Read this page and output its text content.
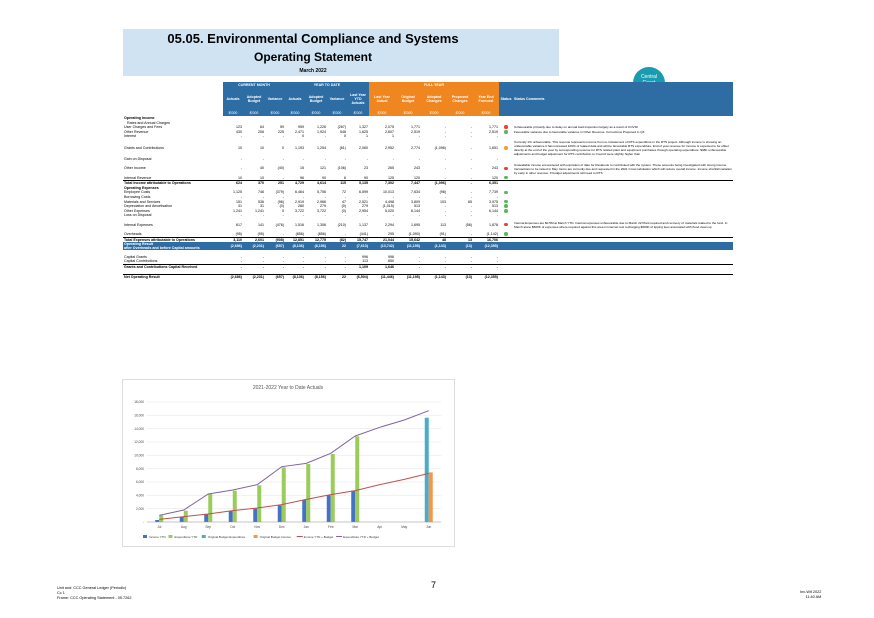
05.05. Environmental Compliance and Systems
Operating Statement
March 2022
Central

	CURRENT MONTH			YEAR TO DATE				FULL YEAR						
	Actuals	Adopted Budget	Variance	Actuals	Adopted Budget	Variance	Last Year YTD Actuals	Last Year Actual	Original Budget	Adopted Changes	Proposed Changes	Year End Forecast	Status	Status Comments
	$'000	$'000	$'000	$'000	$'000	$'000	$'000	$'000	$'000	$'000	$'000	$'000		
Operating Income														
Rates and Annual Charges														
User Charges and Fees	123	64	59	959	1,226	(267)	1,327	2,075	1,771	-	-	1,771		Unfavourable primarily due to delay on annual load inspection largely as a result of COVID
Other Revenue	430	206	225	2,471	1,924	548	1,625	2,607	2,519	-	-	2,519		Favourable variance due to favourable variance in Other Revenue. Corrections Proposed in Q3
Interest	-	-	-	0	-	0	1	1	-	-	-	-		
Grants and Contributions	10	10	0	1,193	1,254	(61)	2,060	2,952	2,774	(1,096)	-	1,651		Currently 1% unfavourable. This revenue represents income from re-instatement of RTS expenditure in the RTS project. Although income is showing an unfavourable variance it has increased 100% of related data and will be favourable RTS expenditure. End of year revenue for income is expected to be offset directly at the end of the year by corresponding revenue for RTS related plant and equipment purchases through operating expenditure. $38K unfavourable adjustments and budget adjustment for RTS contribution to Council were slightly higher than
Gain on Disposal	-	-	-	-	-	-	-	-	-	-	-	-		
Other Income	-	40	(40)	15	121	(106)	23	265	243	-	-	243		Unavailable income encountered with expiration of date for Residents to contributed with the system. These amounts being investigated with strong income transactions to be raised in May. Items are currently due and requested in the 2021 Cross tabulation which will reduce overall income. Income shortfall variation by early in other revenue. If budget adjustments will need to RTS
Internal Revenue	10	10	-	96	90	6	90	125	120	-	-	120		
Total Income attributable to Operations	624	370	251	4,729	4,614	115	5,135	7,302	7,447	(1,096)	-	6,351		
Operating Expenses														
Employee Costs	1,125	746	(379)	6,464	5,756	72	6,599	10,013	7,634	(96)	-	7,739		
Borrowing Costs	-	-	-	-	-	-	-	-	-	-	-	-		
Materials and Services	151	536	(96)	2,919	2,966	47	2,521	4,498	3,809	103	65	3,975		
Depreciation and Amortisation	31	31	(0)	280	279	(0)	279	(1,015)	513	-	-	513		
Other Expenses	1,241	1,241	0	3,722	3,722	(0)	2,954	5,020	6,144	-	-	6,144		
Loss on Disposal	-	-	-	-	-	-	-	-	-	-	-	-		
Internal Expenses	617	141	(476)	1,516	1,306	(210)	1,137	2,294	1,695	113	(56)	1,878		Internal Expenses are $0.5M at March YTD. Internal expenses unfavourable due to March 22 Plant required and recovery of materials related to the fund. In March alone $500K of expenses where required against this area in internal cost recharging $300K of tipping fees associated with flood clean up
Overheads	(95)	(95)	-	(856)	(856)	-	(441)	295	(1,090)	(91)	-	(1,142)		
Total Expenses attributable to Operations	3,110	2,601	(908)	12,851	12,775	(82)	15,747	21,044	15,642	48	13	16,706		
Operating Result
after Overheads and before Capital amounts	(2,686)	(2,231)	(657)	(8,136)	(8,156)	22	(7,613)	(13,742)	(11,195)	(1,143)	(13)	(12,355)		

Capital Grants	-	-	-	-	-	-	996	996	-	-	-	-		
Capital Contributions	-	-	-	-	-	-	113	650	-	-	-	-		
Grants and Contributions Capital Received	-	-	-	-	-	-	1,109	1,646	-	-	-	-		

Net Operating Result	(2,686)	(2,231)	(657)	(8,136)	(8,156)	22	(6,504)	(11,446)	(11,195)	(1,143)	(13)	(12,355)		
2021-2022 Year to Date Actuals
Jul	Aug	Sep	Oct	Nov	Dec	Jan	Feb	Mar	Apr	May	Jun
-
2,000
4,000
6,000
8,000
10,000
12,000
14,000
16,000
18,000
Income YTD	Expenditure YTD	Original Budget Expenditure	Original Budget Income	Income YTD + Budget	Expenditure YTD + Budget
7
Unit and: CCC General Ledger (Periodic)
Cc 1
Frame: CCC Operating Statement - 05.7262
Inv-Wit 2022
11:40 AM
